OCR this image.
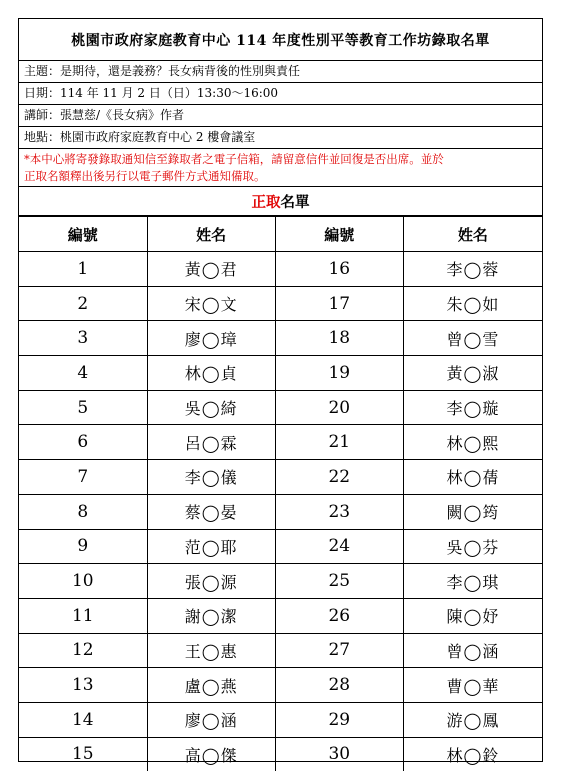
桃園市政府家庭教育中心 114 年度性別平等教育工作坊錄取名單
主題：是期待，還是義務？長女病背後的性別與責任
日期：114 年 11 月 2 日（日）13:30～16:00
講師：張慧慈/《長女病》作者
地點：桃園市政府家庭教育中心 2 樓會議室
*本中心將寄發錄取通知信至錄取者之電子信箱，請留意信件並回復是否出席。並於
正取名額釋出後另行以電子郵件方式通知備取。
正取 名單
編號	姓名	編號	姓名
1	黃◯君	16	李◯蓉
2	宋◯文	17	朱◯如
3	廖◯璋	18	曾◯雪
4	林◯貞	19	黃◯淑
5	吳◯綺	20	李◯璇
6	呂◯霖	21	林◯熙
7	李◯儀	22	林◯蒨
8	蔡◯晏	23	闕◯筠
9	范◯耶	24	吳◯芬
10	張◯源	25	李◯琪
11	謝◯潔	26	陳◯妤
12	王◯惠	27	曾◯涵
13	盧◯燕	28	曹◯華
14	廖◯涵	29	游◯鳳
15	高◯傑	30	林◯鈴
